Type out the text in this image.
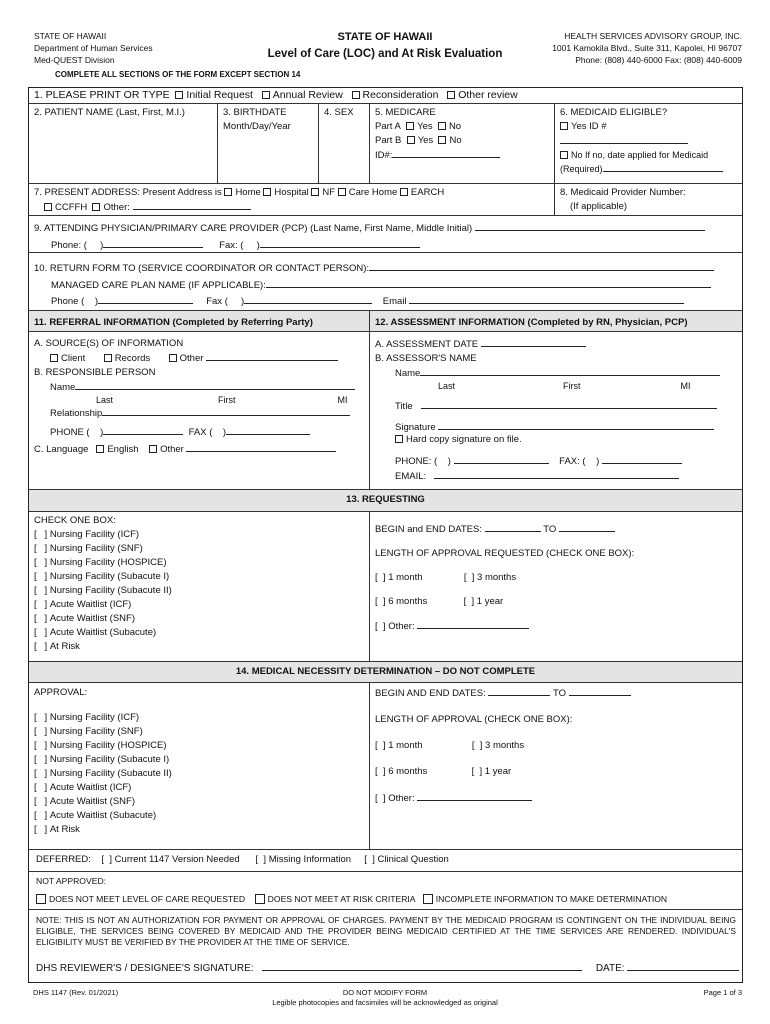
STATE OF HAWAII
Department of Human Services
Med-QUEST Division
STATE OF HAWAII
Level of Care (LOC) and At Risk Evaluation
HEALTH SERVICES ADVISORY GROUP, INC.
1001 Kamokila Blvd., Suite 311, Kapolei, HI 96707
Phone: (808) 440-6000 Fax: (808) 440-6009
COMPLETE ALL SECTIONS OF THE FORM EXCEPT SECTION 14
1. PLEASE PRINT OR TYPE Initial Request Annual Review Reconsideration Other review
2. PATIENT NAME (Last, First, M.I.)	3. BIRTHDATE
Month/Day/Year
4. SEX	5. MEDICARE
Part A Yes No
Part B Yes No
ID#:
6. MEDICAID ELIGIBLE?
Yes ID #
No If no, date applied for Medicaid
(Required)
7. PRESENT ADDRESS: Present Address is Home Hospital NF Care Home EARCH
CCFFH Other:
8. Medicaid Provider Number:
(If applicable)
9. ATTENDING PHYSICIAN/PRIMARY CARE PROVIDER (PCP) (Last Name, First Name, Middle Initial)
Phone: (     )	Fax: (     )
10. RETURN FORM TO (SERVICE COORDINATOR OR CONTACT PERSON):
MANAGED CARE PLAN NAME (IF APPLICABLE):
Phone (    )	Fax (     )	Email
11. REFERRAL INFORMATION (Completed by Referring Party)	12. ASSESSMENT INFORMATION (Completed by RN, Physician, PCP)
A. SOURCE(S) OF INFORMATION
Client	Records	Other
B. RESPONSIBLE PERSON
Name
Last	First	MI
Relationship
PHONE (    )	FAX (    )
C. Language English Other
A. ASSESSMENT DATE
B. ASSESSOR'S NAME
Name
Last	First	MI
Title
Signature
Hard copy signature on file.
PHONE: (    )	FAX: (    )
EMAIL:
13. REQUESTING
CHECK ONE BOX:
[   ] Nursing Facility (ICF)
[   ] Nursing Facility (SNF)
[   ] Nursing Facility (HOSPICE)
[   ] Nursing Facility (Subacute I)
[   ] Nursing Facility (Subacute II)
[   ] Acute Waitlist (ICF)
[   ] Acute Waitlist (SNF)
[   ] Acute Waitlist (Subacute)
[   ] At Risk
BEGIN and END DATES:	TO
LENGTH OF APPROVAL REQUESTED (CHECK ONE BOX):
[  ] 1 month	[  ] 3 months
[  ] 6 months	[  ] 1 year
[  ] Other:
14. MEDICAL NECESSITY DETERMINATION – DO NOT COMPLETE
APPROVAL:
[   ] Nursing Facility (ICF)
[   ] Nursing Facility (SNF)
[   ] Nursing Facility (HOSPICE)
[   ] Nursing Facility (Subacute I)
[   ] Nursing Facility (Subacute II)
[   ] Acute Waitlist (ICF)
[   ] Acute Waitlist (SNF)
[   ] Acute Waitlist (Subacute)
[   ] At Risk
BEGIN AND END DATES:	TO
LENGTH OF APPROVAL (CHECK ONE BOX):
[  ] 1 month	[  ] 3 months
[  ] 6 months	[  ] 1 year
[  ] Other:
DEFERRED: [  ] Current 1147 Version Needed [  ] Missing Information [  ] Clinical Question
NOT APPROVED:
DOES NOT MEET LEVEL OF CARE REQUESTED	DOES NOT MEET AT RISK CRITERIA INCOMPLETE INFORMATION TO MAKE DETERMINATION
NOTE: THIS IS NOT AN AUTHORIZATION FOR PAYMENT OR APPROVAL OF CHARGES. PAYMENT BY THE MEDICAID PROGRAM IS CONTINGENT ON THE INDIVIDUAL BEING ELIGIBLE, THE SERVICES BEING COVERED BY MEDICAID AND THE PROVIDER BEING MEDICAID CERTIFIED AT THE TIME SERVICES ARE RENDERED. INDIVIDUAL'S ELIGIBILITY MUST BE VERIFIED BY THE PROVIDER AT THE TIME OF SERVICE.
DHS REVIEWER'S / DESIGNEE'S SIGNATURE:	DATE:
DHS 1147 (Rev. 01/2021)	DO NOT MODIFY FORM
Legible photocopies and facsimiles will be acknowledged as original
Page 1 of 3
